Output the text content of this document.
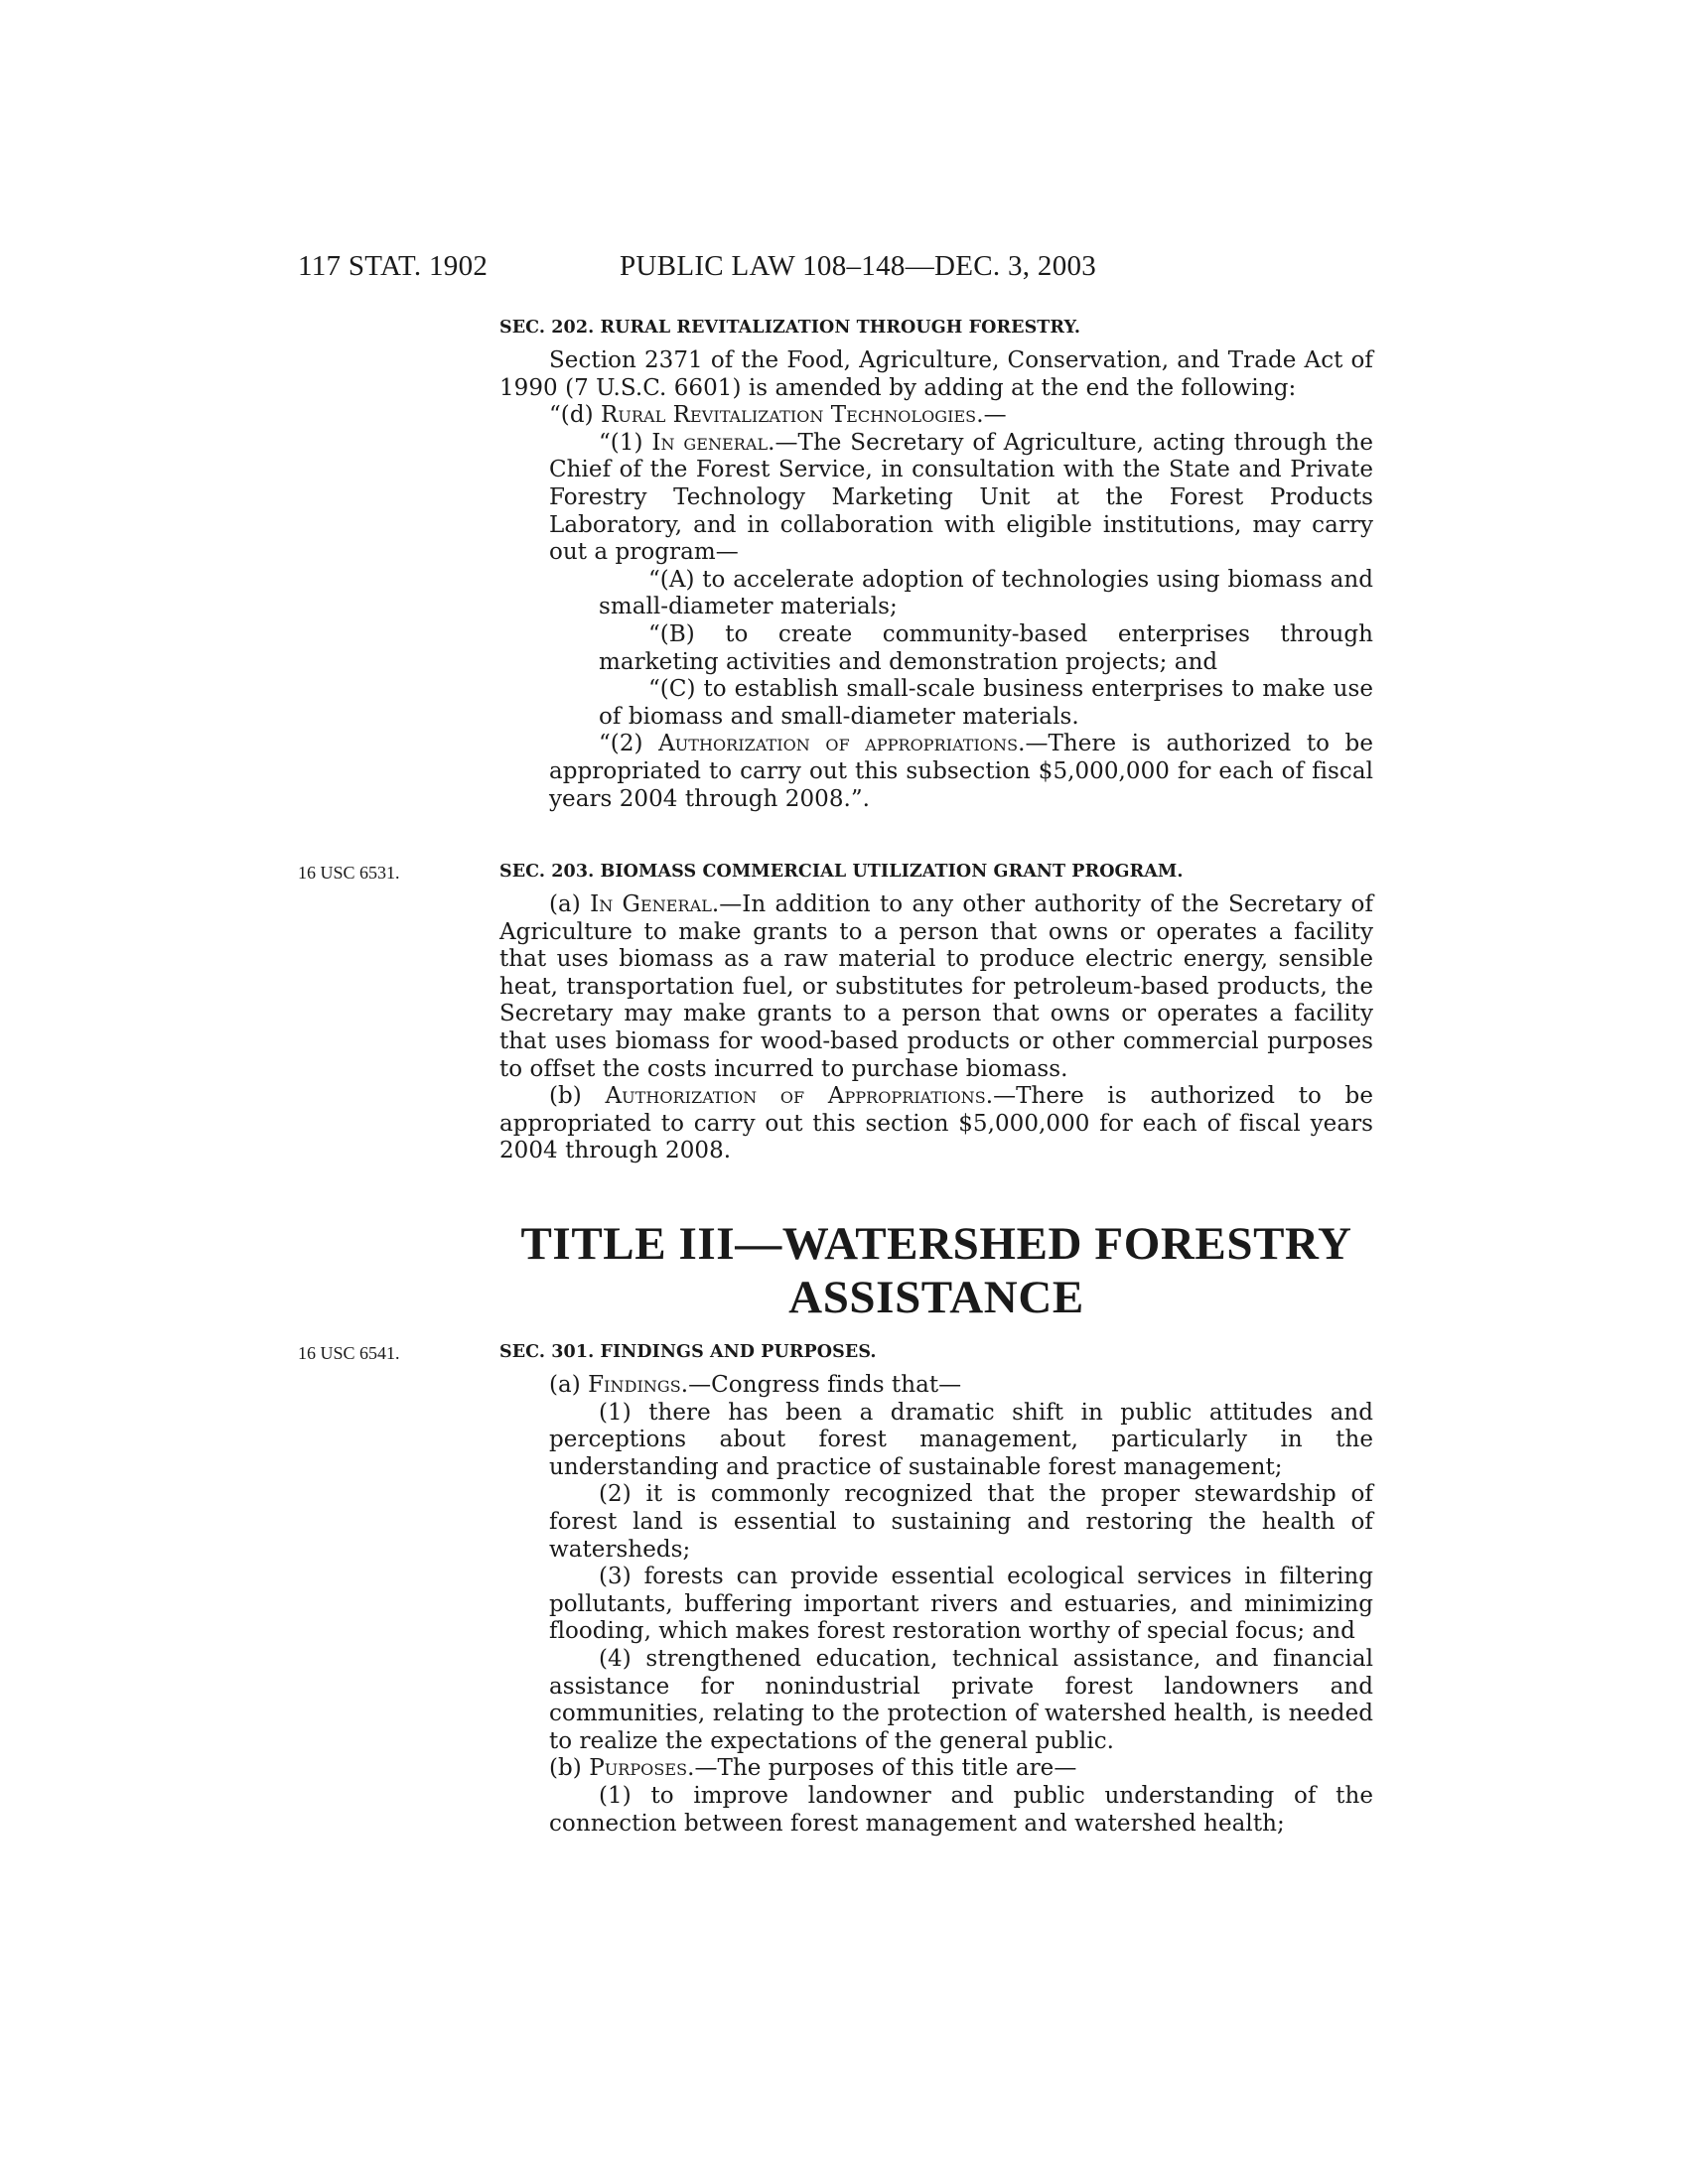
117 STAT. 1902	PUBLIC LAW 108–148—DEC. 3, 2003
SEC. 202. RURAL REVITALIZATION THROUGH FORESTRY.

Section 2371 of the Food, Agriculture, Conservation, and Trade Act of 1990 (7 U.S.C. 6601) is amended by adding at the end the following:

“(d) Rural Revitalization Technologies.—

“(1) In general.—The Secretary of Agriculture, acting through the Chief of the Forest Service, in consultation with the State and Private Forestry Technology Marketing Unit at the Forest Products Laboratory, and in collaboration with eligible institutions, may carry out a program—

“(A) to accelerate adoption of technologies using biomass and small-diameter materials;

“(B) to create community-based enterprises through marketing activities and demonstration projects; and

“(C) to establish small-scale business enterprises to make use of biomass and small-diameter materials.

“(2) Authorization of appropriations.—There is authorized to be appropriated to carry out this subsection $5,000,000 for each of fiscal years 2004 through 2008.”.

16 USC 6531.	SEC. 203. BIOMASS COMMERCIAL UTILIZATION GRANT PROGRAM.

(a) In General.—In addition to any other authority of the Secretary of Agriculture to make grants to a person that owns or operates a facility that uses biomass as a raw material to produce electric energy, sensible heat, transportation fuel, or substitutes for petroleum-based products, the Secretary may make grants to a person that owns or operates a facility that uses biomass for wood-based products or other commercial purposes to offset the costs incurred to purchase biomass.

(b) Authorization of Appropriations.—There is authorized to be appropriated to carry out this section $5,000,000 for each of fiscal years 2004 through 2008.

TITLE III—WATERSHED FORESTRY
ASSISTANCE
16 USC 6541.	SEC. 301. FINDINGS AND PURPOSES.

(a) Findings.—Congress finds that—

(1) there has been a dramatic shift in public attitudes and perceptions about forest management, particularly in the understanding and practice of sustainable forest management;

(2) it is commonly recognized that the proper stewardship of forest land is essential to sustaining and restoring the health of watersheds;

(3) forests can provide essential ecological services in filtering pollutants, buffering important rivers and estuaries, and minimizing flooding, which makes forest restoration worthy of special focus; and

(4) strengthened education, technical assistance, and financial assistance for nonindustrial private forest landowners and communities, relating to the protection of watershed health, is needed to realize the expectations of the general public.

(b) Purposes.—The purposes of this title are—

(1) to improve landowner and public understanding of the connection between forest management and watershed health;
